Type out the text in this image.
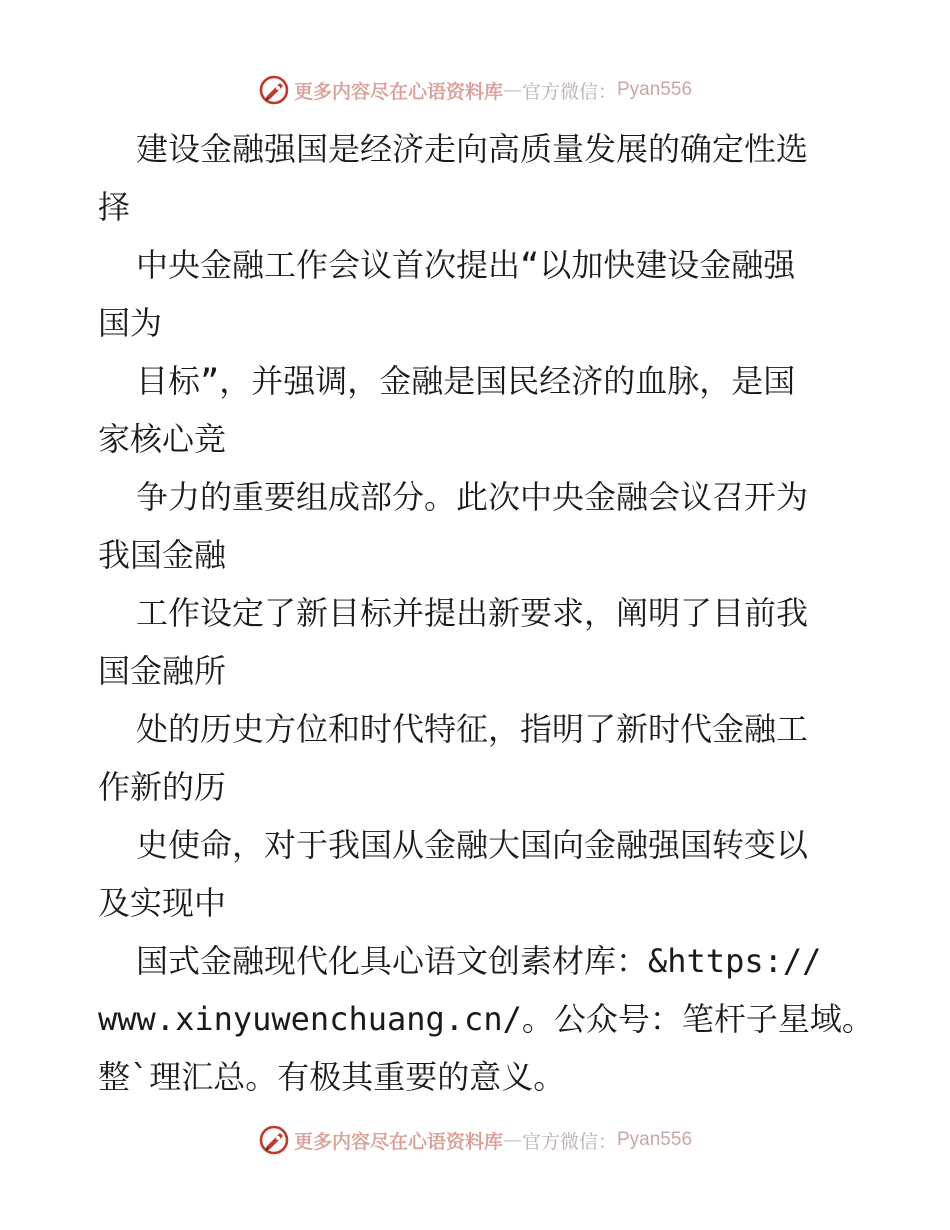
更多内容尽在心语资料库 — 官方微信： Pyan556
建设金融强国是经济走向高质量发展的确定性选
择
中央金融工作会议首次提出“以加快建设金融强
国为
目标”，并强调，金融是国民经济的血脉，是国
家核心竞
争力的重要组成部分。此次中央金融会议召开为
我国金融
工作设定了新目标并提出新要求，阐明了目前我
国金融所
处的历史方位和时代特征，指明了新时代金融工
作新的历
史使命，对于我国从金融大国向金融强国转变以
及实现中
国式金融现代化具心语文创素材库：&https://
www.xinyuwenchuang.cn/。公众号：笔杆子星域。
整`理汇总。有极其重要的意义。
更多内容尽在心语资料库 — 官方微信： Pyan556
